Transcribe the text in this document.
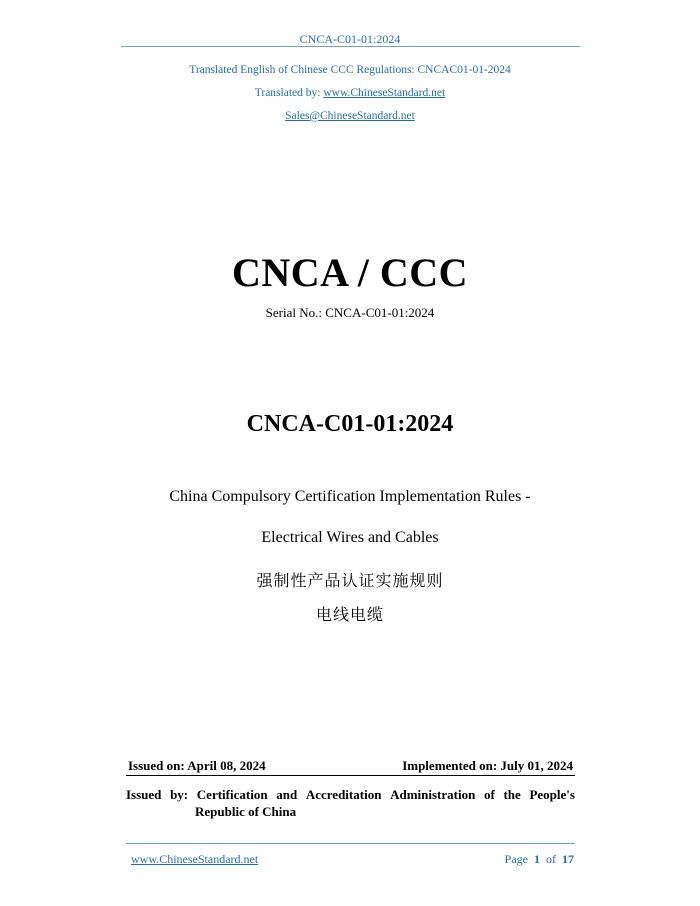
CNCA-C01-01:2024
Translated English of Chinese CCC Regulations: CNCAC01-01-2024
Translated by: www.ChineseStandard.net
Sales@ChineseStandard.net
CNCA / CCC
Serial No.: CNCA-C01-01:2024
CNCA-C01-01:2024
China Compulsory Certification Implementation Rules -
Electrical Wires and Cables
强制性产品认证实施规则
电线电缆
Issued on: April 08, 2024	Implemented on: July 01, 2024
Issued by: Certification and Accreditation Administration of the People's
Republic of China
www.ChineseStandard.net	Page 1 of 17
